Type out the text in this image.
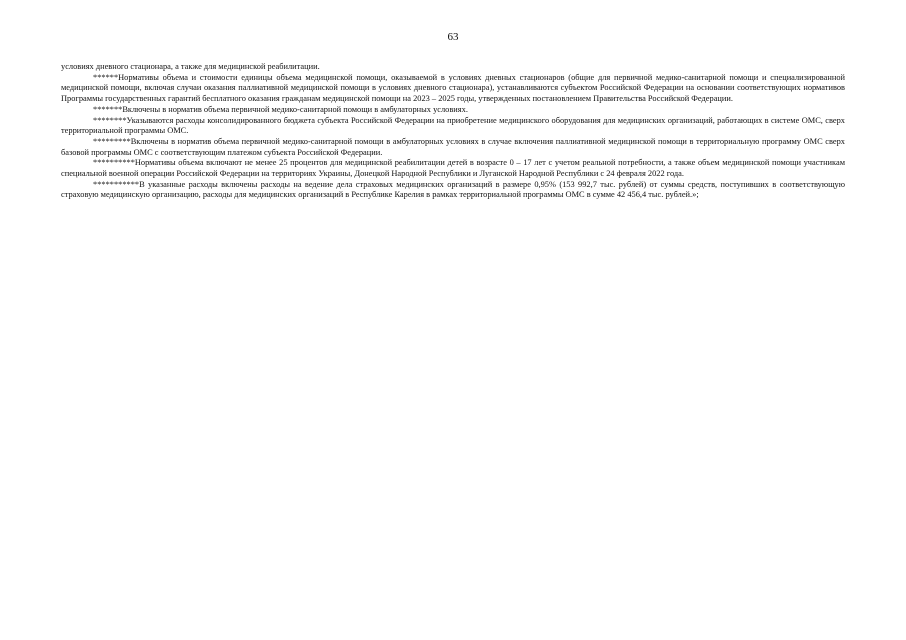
63

условиях дневного стационара, а также для медицинской реабилитации.

******Нормативы объема и стоимости единицы объема медицинской помощи, оказываемой в условиях дневных стационаров (общие для первичной медико-санитарной помощи и специализированной медицинской помощи, включая случаи оказания паллиативной медицинской помощи в условиях дневного стационара), устанавливаются субъектом Российской Федерации на основании соответствующих нормативов Программы государственных гарантий бесплатного оказания гражданам медицинской помощи на 2023 – 2025 годы, утвержденных постановлением Правительства Российской Федерации.

*******Включены в норматив объема первичной медико-санитарной помощи в амбулаторных условиях.

********Указываются расходы консолидированного бюджета субъекта Российской Федерации на приобретение медицинского оборудования для медицинских организаций, работающих в системе ОМС, сверх территориальной программы ОМС.

*********Включены в норматив объема первичной медико-санитарной помощи в амбулаторных условиях в случае включения паллиативной медицинской помощи в территориальную программу ОМС сверх базовой программы ОМС с соответствующим платежом субъекта Российской Федерации.

**********Нормативы объема включают не менее 25 процентов для медицинской реабилитации детей в возрасте 0 – 17 лет с учетом реальной потребности, а также объем медицинской помощи участникам специальной военной операции Российской Федерации на территориях Украины, Донецкой Народной Республики и Луганской Народной Республики с 24 февраля 2022 года.

***********В указанные расходы включены расходы на ведение дела страховых медицинских организаций в размере 0,95% (153 992,7 тыс. рублей) от суммы средств, поступивших в соответствующую страховую медицинскую организацию, расходы для медицинских организаций в Республике Карелия в рамках территориальной программы ОМС в сумме 42 456,4 тыс. рублей.»;
